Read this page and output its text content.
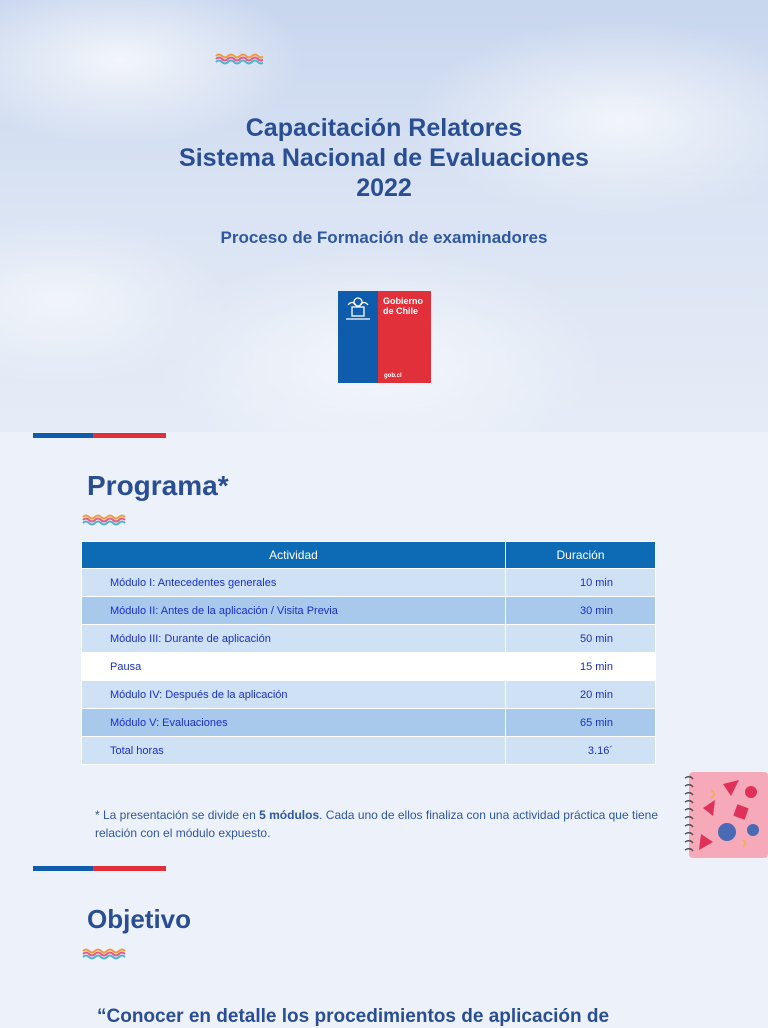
Capacitación Relatores
Sistema Nacional de Evaluaciones
2022
Proceso de Formación de examinadores
Gobierno
de Chile
gob.cl
Programa*
Actividad	Duración
Módulo I: Antecedentes generales	10 min
Módulo II: Antes de la aplicación / Visita Previa	30 min
Módulo III: Durante de aplicación	50 min
Pausa	15 min
Módulo IV: Después de la aplicación	20 min
Módulo V: Evaluaciones	65 min
Total horas	3.16´
* La presentación se divide en 5 módulos. Cada uno de ellos finaliza con una actividad práctica que tiene relación con el módulo expuesto.
Objetivo
“Conocer en detalle los procedimientos de aplicación de
